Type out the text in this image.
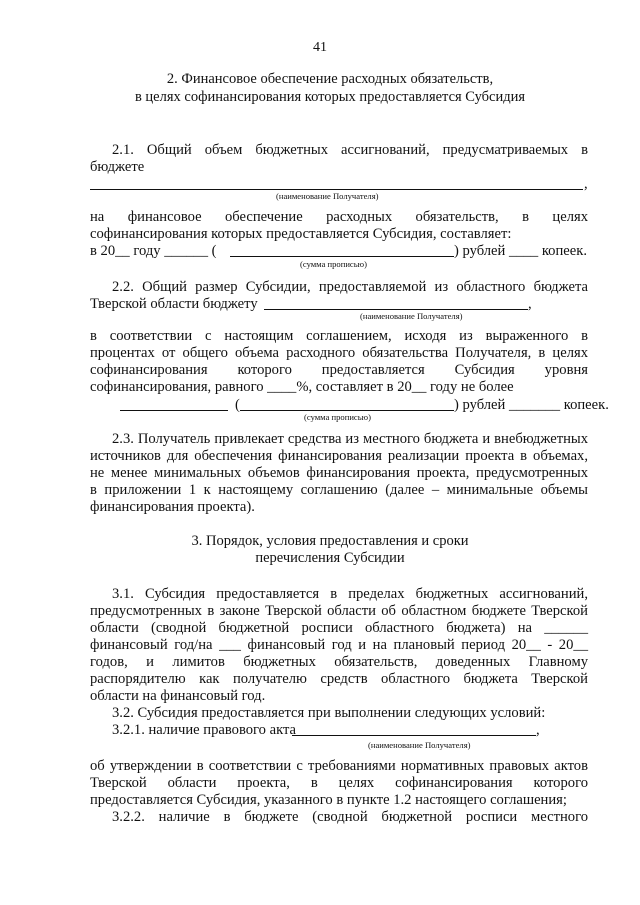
41
2. Финансовое обеспечение расходных обязательств,
в целях софинансирования которых предоставляется Субсидия
2.1. Общий объем бюджетных ассигнований, предусматриваемых в
бюджете
,
(наименование Получателя)
на финансовое обеспечение расходных обязательств, в целях
софинансирования которых предоставляется Субсидия, составляет:
в 20__ году ______ (	) рублей ____ копеек.
(сумма прописью)
2.2. Общий размер Субсидии, предоставляемой из областного бюджета
Тверской области бюджету	,
(наименование Получателя)
в соответствии с настоящим соглашением, исходя из выраженного в
процентах от общего объема расходного обязательства Получателя, в целях
софинансирования которого предоставляется Субсидия уровня
софинансирования, равного ____%, составляет в 20__ году не более
(	) рублей _______ копеек.
(сумма прописью)
2.3. Получатель привлекает средства из местного бюджета и внебюджетных
источников для обеспечения финансирования реализации проекта в объемах,
не менее минимальных объемов финансирования проекта, предусмотренных
в приложении 1 к настоящему соглашению (далее – минимальные объемы
финансирования проекта).
3. Порядок, условия предоставления и сроки
перечисления Субсидии
3.1. Субсидия предоставляется в пределах бюджетных ассигнований,
предусмотренных в законе Тверской области об областном бюджете Тверской
области (сводной бюджетной росписи областного бюджета) на ______
финансовый год/на ___ финансовый год и на плановый период 20__ - 20__
годов, и лимитов бюджетных обязательств, доведенных Главному
распорядителю как получателю средств областного бюджета Тверской
области на финансовый год.
3.2. Субсидия предоставляется при выполнении следующих условий:
3.2.1. наличие правового акта	,
(наименование Получателя)
об утверждении в соответствии с требованиями нормативных правовых актов
Тверской области проекта, в целях софинансирования которого
предоставляется Субсидия, указанного в пункте 1.2 настоящего соглашения;
3.2.2. наличие в бюджете (сводной бюджетной росписи местного
